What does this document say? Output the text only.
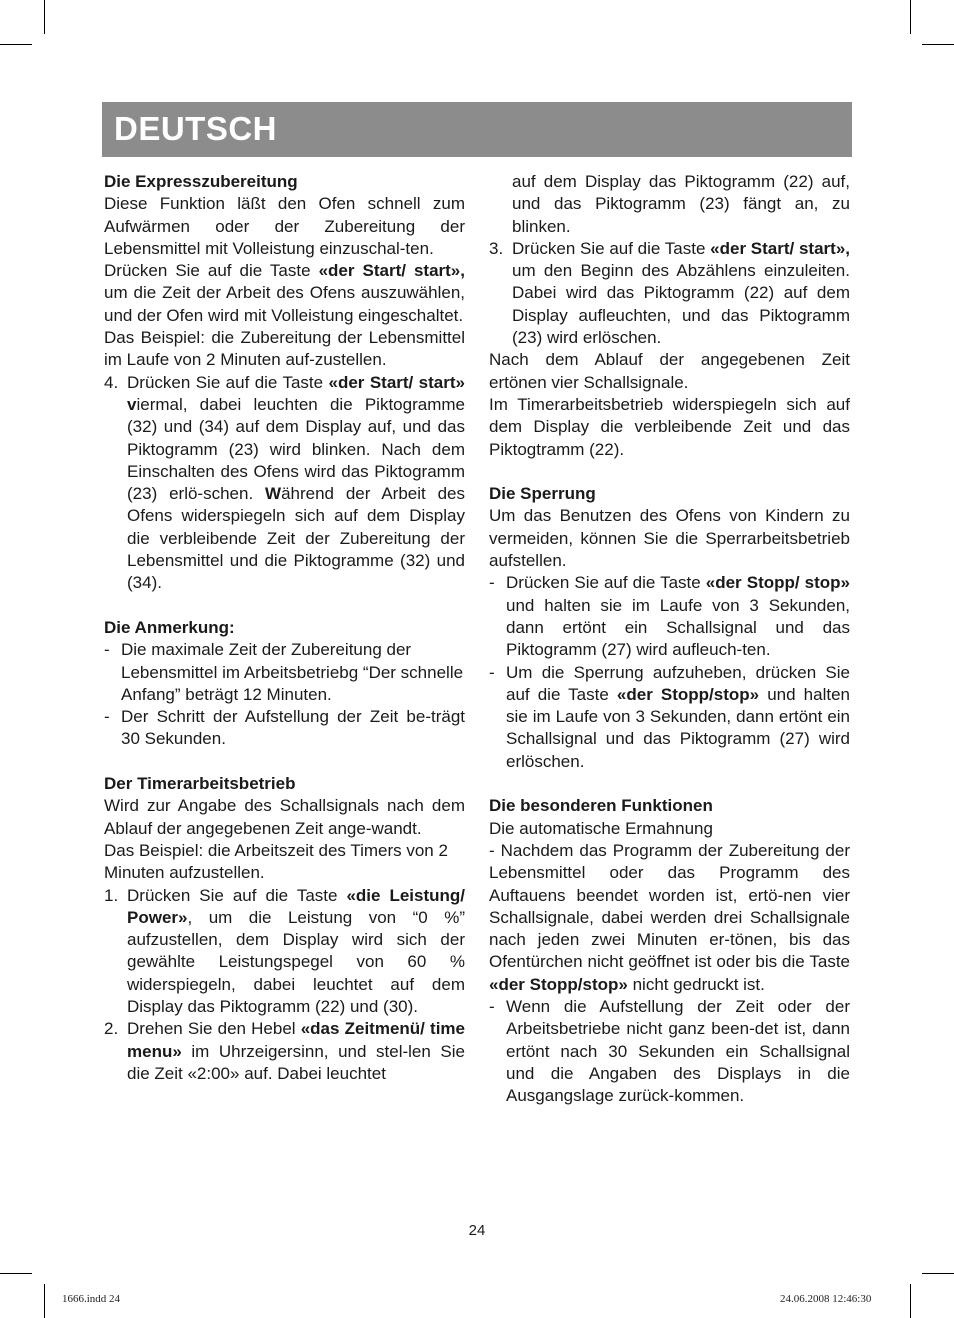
DEUTSCH
Die Expresszubereitung

Diese Funktion läßt den Ofen schnell zum Aufwärmen oder der Zubereitung der Lebensmittel mit Volleistung einzuschal-ten.

Drücken Sie auf die Taste «der Start/ start», um die Zeit der Arbeit des Ofens auszuwählen, und der Ofen wird mit Volleistung eingeschaltet.

Das Beispiel: die Zubereitung der Lebensmittel im Laufe von 2 Minuten auf-zustellen.

4. Drücken Sie auf die Taste «der Start/ start» viermal, dabei leuchten die Piktogramme (32) und (34) auf dem Display auf, und das Piktogramm (23) wird blinken. Nach dem Einschalten des Ofens wird das Piktogramm (23) erlö-schen. Während der Arbeit des Ofens widerspiegeln sich auf dem Display die verbleibende Zeit der Zubereitung der Lebensmittel und die Piktogramme (32) und (34).
Die Anmerkung:
- Die maximale Zeit der Zubereitung der Lebensmittel im Arbeitsbetriebg “Der schnelle Anfang” beträgt 12 Minuten.
- Der Schritt der Aufstellung der Zeit be-trägt 30 Sekunden.
Der Timerarbeitsbetrieb

Wird zur Angabe des Schallsignals nach dem Ablauf der angegebenen Zeit ange-wandt.

Das Beispiel: die Arbeitszeit des Timers von 2 Minuten aufzustellen.

1. Drücken Sie auf die Taste «die Leistung/ Power», um die Leistung von “0 %” aufzustellen, dem Display wird sich der gewählte Leistungspegel von 60 % widerspiegeln, dabei leuchtet auf dem Display das Piktogramm (22) und (30).
2. Drehen Sie den Hebel «das Zeitmenü/ time menu» im Uhrzeigersinn, und stel-len Sie die Zeit «2:00» auf. Dabei leuchtet
auf dem Display das Piktogramm (22) auf, und das Piktogramm (23) fängt an, zu blinken.
3. Drücken Sie auf die Taste «der Start/ start», um den Beginn des Abzählens einzuleiten. Dabei wird das Piktogramm (22) auf dem Display aufleuchten, und das Piktogramm (23) wird erlöschen.

Nach dem Ablauf der angegebenen Zeit ertönen vier Schallsignale.

Im Timerarbeitsbetrieb widerspiegeln sich auf dem Display die verbleibende Zeit und das Piktogtramm (22).

Die Sperrung

Um das Benutzen des Ofens von Kindern zu vermeiden, können Sie die Sperrarbeitsbetrieb aufstellen.

- Drücken Sie auf die Taste «der Stopp/ stop» und halten sie im Laufe von 3 Sekunden, dann ertönt ein Schallsignal und das Piktogramm (27) wird aufleuch-ten.
- Um die Sperrung aufzuheben, drücken Sie auf die Taste «der Stopp/stop» und halten sie im Laufe von 3 Sekunden, dann ertönt ein Schallsignal und das Piktogramm (27) wird erlöschen.
Die besonderen Funktionen

Die automatische Ermahnung

- Nachdem das Programm der Zubereitung der Lebensmittel oder das Programm des Auftauens beendet worden ist, ertö-nen vier Schallsignale, dabei werden drei Schallsignale nach jeden zwei Minuten er-tönen, bis das Ofentürchen nicht geöffnet ist oder bis die Taste «der Stopp/stop» nicht gedruckt ist.

- Wenn die Aufstellung der Zeit oder der Arbeitsbetriebe nicht ganz been-det ist, dann ertönt nach 30 Sekunden ein Schallsignal und die Angaben des Displays in die Ausgangslage zurück-kommen.
24
1666.indd 24	24.06.2008 12:46:30
